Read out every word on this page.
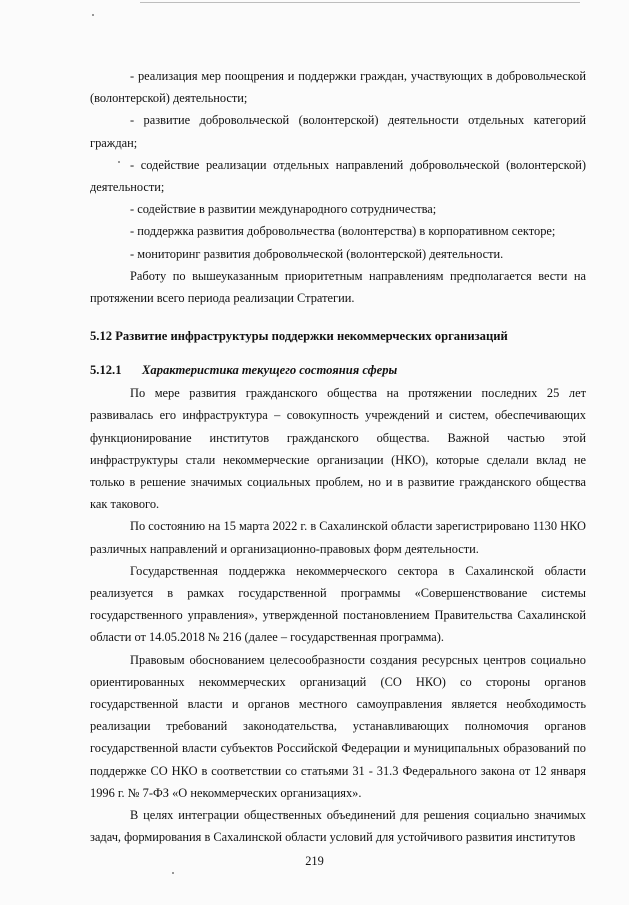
- реализация мер поощрения и поддержки граждан, участвующих в добровольческой (волонтерской) деятельности;

- развитие добровольческой (волонтерской) деятельности отдельных категорий граждан;

- содействие реализации отдельных направлений добровольческой (волонтерской) деятельности;

- содействие в развитии международного сотрудничества;

- поддержка развития добровольчества (волонтерства) в корпоративном секторе;

- мониторинг развития добровольческой (волонтерской) деятельности.

Работу по вышеуказанным приоритетным направлениям предполагается вести на протяжении всего периода реализации Стратегии.

5.12 Развитие инфраструктуры поддержки некоммерческих организаций
5.12.1	Характеристика текущего состояния сферы

По мере развития гражданского общества на протяжении последних 25 лет развивалась его инфраструктура – совокупность учреждений и систем, обеспечивающих функционирование институтов гражданского общества. Важной частью этой инфраструктуры стали некоммерческие организации (НКО), которые сделали вклад не только в решение значимых социальных проблем, но и в развитие гражданского общества как такового.

По состоянию на 15 марта 2022 г. в Сахалинской области зарегистрировано 1130 НКО различных направлений и организационно-правовых форм деятельности.

Государственная поддержка некоммерческого сектора в Сахалинской области реализуется в рамках государственной программы «Совершенствование системы государственного управления», утвержденной постановлением Правительства Сахалинской области от 14.05.2018 № 216 (далее – государственная программа).

Правовым обоснованием целесообразности создания ресурсных центров социально ориентированных некоммерческих организаций (СО НКО) со стороны органов государственной власти и органов местного самоуправления является необходимость реализации требований законодательства, устанавливающих полномочия органов государственной власти субъектов Российской Федерации и муниципальных образований по поддержке СО НКО в соответствии со статьями 31 - 31.3 Федерального закона от 12 января 1996 г. № 7-ФЗ «О некоммерческих организациях».

В целях интеграции общественных объединений для решения социально значимых задач, формирования в Сахалинской области условий для устойчивого развития институтов

219
